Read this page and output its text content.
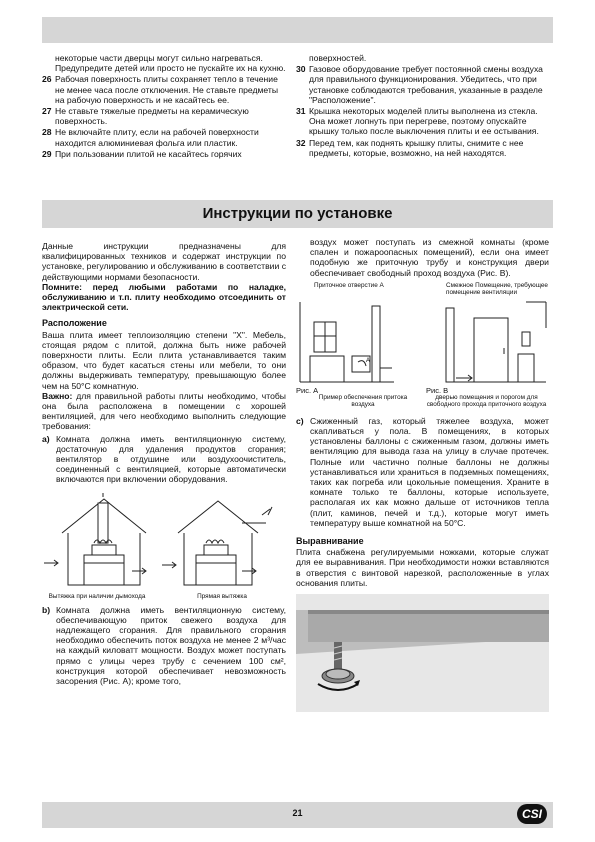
некоторые части дверцы могут сильно нагреваться. Предупредите детей или просто не пускайте их на кухню.
26 Рабочая поверхность плиты сохраняет тепло в течение не менее часа после отключения. Не ставьте предметы на рабочую поверхность и не касайтесь ее.
27 Не ставьте тяжелые предметы на керамическую поверхность.
28 Не включайте плиту, если на рабочей поверхности находится алюминиевая фольга или пластик.
29 При пользовании плитой не касайтесь горячих
поверхностей.
30 Газовое оборудование требует постоянной смены воздуха для правильного функционирования. Убедитесь, что при установке соблюдаются требования, указанные в разделе "Расположение".
31 Крышка некоторых моделей плиты выполнена из стекла. Она может лопнуть при перегреве, поэтому опускайте крышку только после выключения плиты и ее остывания.
32 Перед тем, как поднять крышку плиты, снимите с нее предметы, которые, возможно, на ней находятся.
Инструкции по установке

Данные инструкции предназначены для квалифицированных техников и содержат инструкции по установке, регулированию и обслуживанию в соответствии с действующими нормами безопасности.

Помните: перед любыми работами по наладке, обслуживанию и т.п. плиту необходимо отсоединить от электрической сети.

Расположение

Ваша плита имеет теплоизоляцию степени "X". Мебель, стоящая рядом с плитой, должна быть ниже рабочей поверхности плиты. Если плита устанавливается таким образом, что будет касаться стены или мебели, то они должны выдерживать температуру, превышающую более чем на 50°C комнатную.

Важно: для правильной работы плиты необходимо, чтобы она была расположена в помещении с хорошей вентиляцией, для чего необходимо выполнить следующие требования:

a) Комната должна иметь вентиляционную систему, достаточную для удаления продуктов сгорания; вентилятор в отдушине или воздухоочиститель, соединенный с вентиляцией, которые автоматически включаются при включении оборудования.
Вытяжка при наличии дымохода	Прямая вытяжка
b) Комната должна иметь вентиляционную систему, обеспечивающую приток свежего воздуха для надлежащего сгорания. Для правильного сгорания необходимо обеспечить поток воздуха не менее 2 м³/час на каждый киловатт мощности. Воздух может поступать прямо с улицы через трубу с сечением 100 см², конструкция которой обеспечивает невозможность засорения (Рис. А); кроме того,

воздух может поступать из смежной комнаты (кроме спален и пожароопасных помещений), если она имеет подобную же приточную трубу и конструкция двери обеспечивает свободный проход воздуха (Рис. В).

Приточное отверстие А	Смежное Помещение, требующее помещение вентиляции
A
Рис. А	Рис. В
Пример обеспечения притока воздуха
дверью помещения и порогом для свободного прохода приточного воздуха
c) Сжиженный газ, который тяжелее воздуха, может скапливаться у пола. В помещениях, в которых установлены баллоны с сжиженным газом, должны иметь вентиляцию для вывода газа на улицу в случае протечек. Полные или частично полные баллоны не должны устанавливаться или храниться в подземных помещениях, таких как погреба или цокольные помещения. Храните в комнате только те баллоны, которые используете, располагая их как можно дальше от источников тепла (плит, каминов, печей и т.д.), которые могут иметь температуру выше комнатной на 50°C.
Выравнивание

Плита снабжена регулируемыми ножками, которые служат для ее выравнивания. При необходимости ножки вставляются в отверстия с винтовой нарезкой, расположенные в углах основания плиты.

21	CSI
